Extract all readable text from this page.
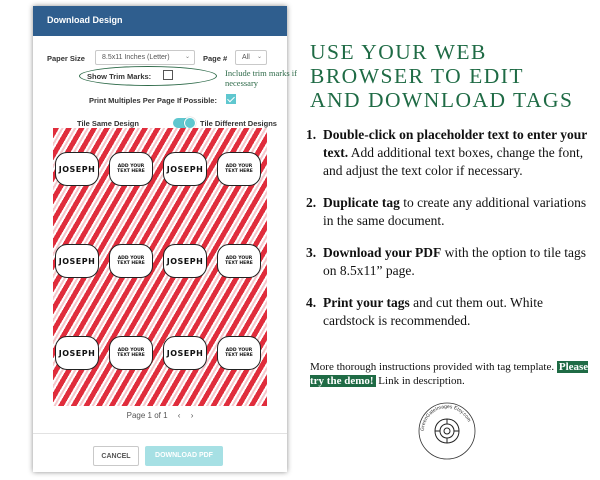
Download Design
Paper Size	8.5x11 Inches (Letter)	⌄ Page #	All ⌄
Show Trim Marks:	Include trim marks if necessary
Print Multiples Per Page If Possible:
Tile Same Design	Tile Different Designs
JOSEPH	ADD YOUR TEXT HERE	JOSEPH	ADD YOUR TEXT HERE
JOSEPH	ADD YOUR TEXT HERE	JOSEPH	ADD YOUR TEXT HERE
JOSEPH	ADD YOUR TEXT HERE	JOSEPH	ADD YOUR TEXT HERE
Page 1 of 1 ‹ ›
CANCEL	DOWNLOAD PDF
USE YOUR WEB
BROWSER TO EDIT
AND DOWNLOAD TAGS
1. Double-click on placeholder text to enter your text. Add additional text boxes, change the font, and adjust the text color if necessary.
2. Duplicate tag to create any additional variations in the same document.
3. Download your PDF with the option to tile tags on 8.5x11” page.
4. Print your tags and cut them out. White cardstock is recommended.
More thorough instructions provided with tag template. Please try the demo! Link in description.
GreenGateImages Etsy.com
